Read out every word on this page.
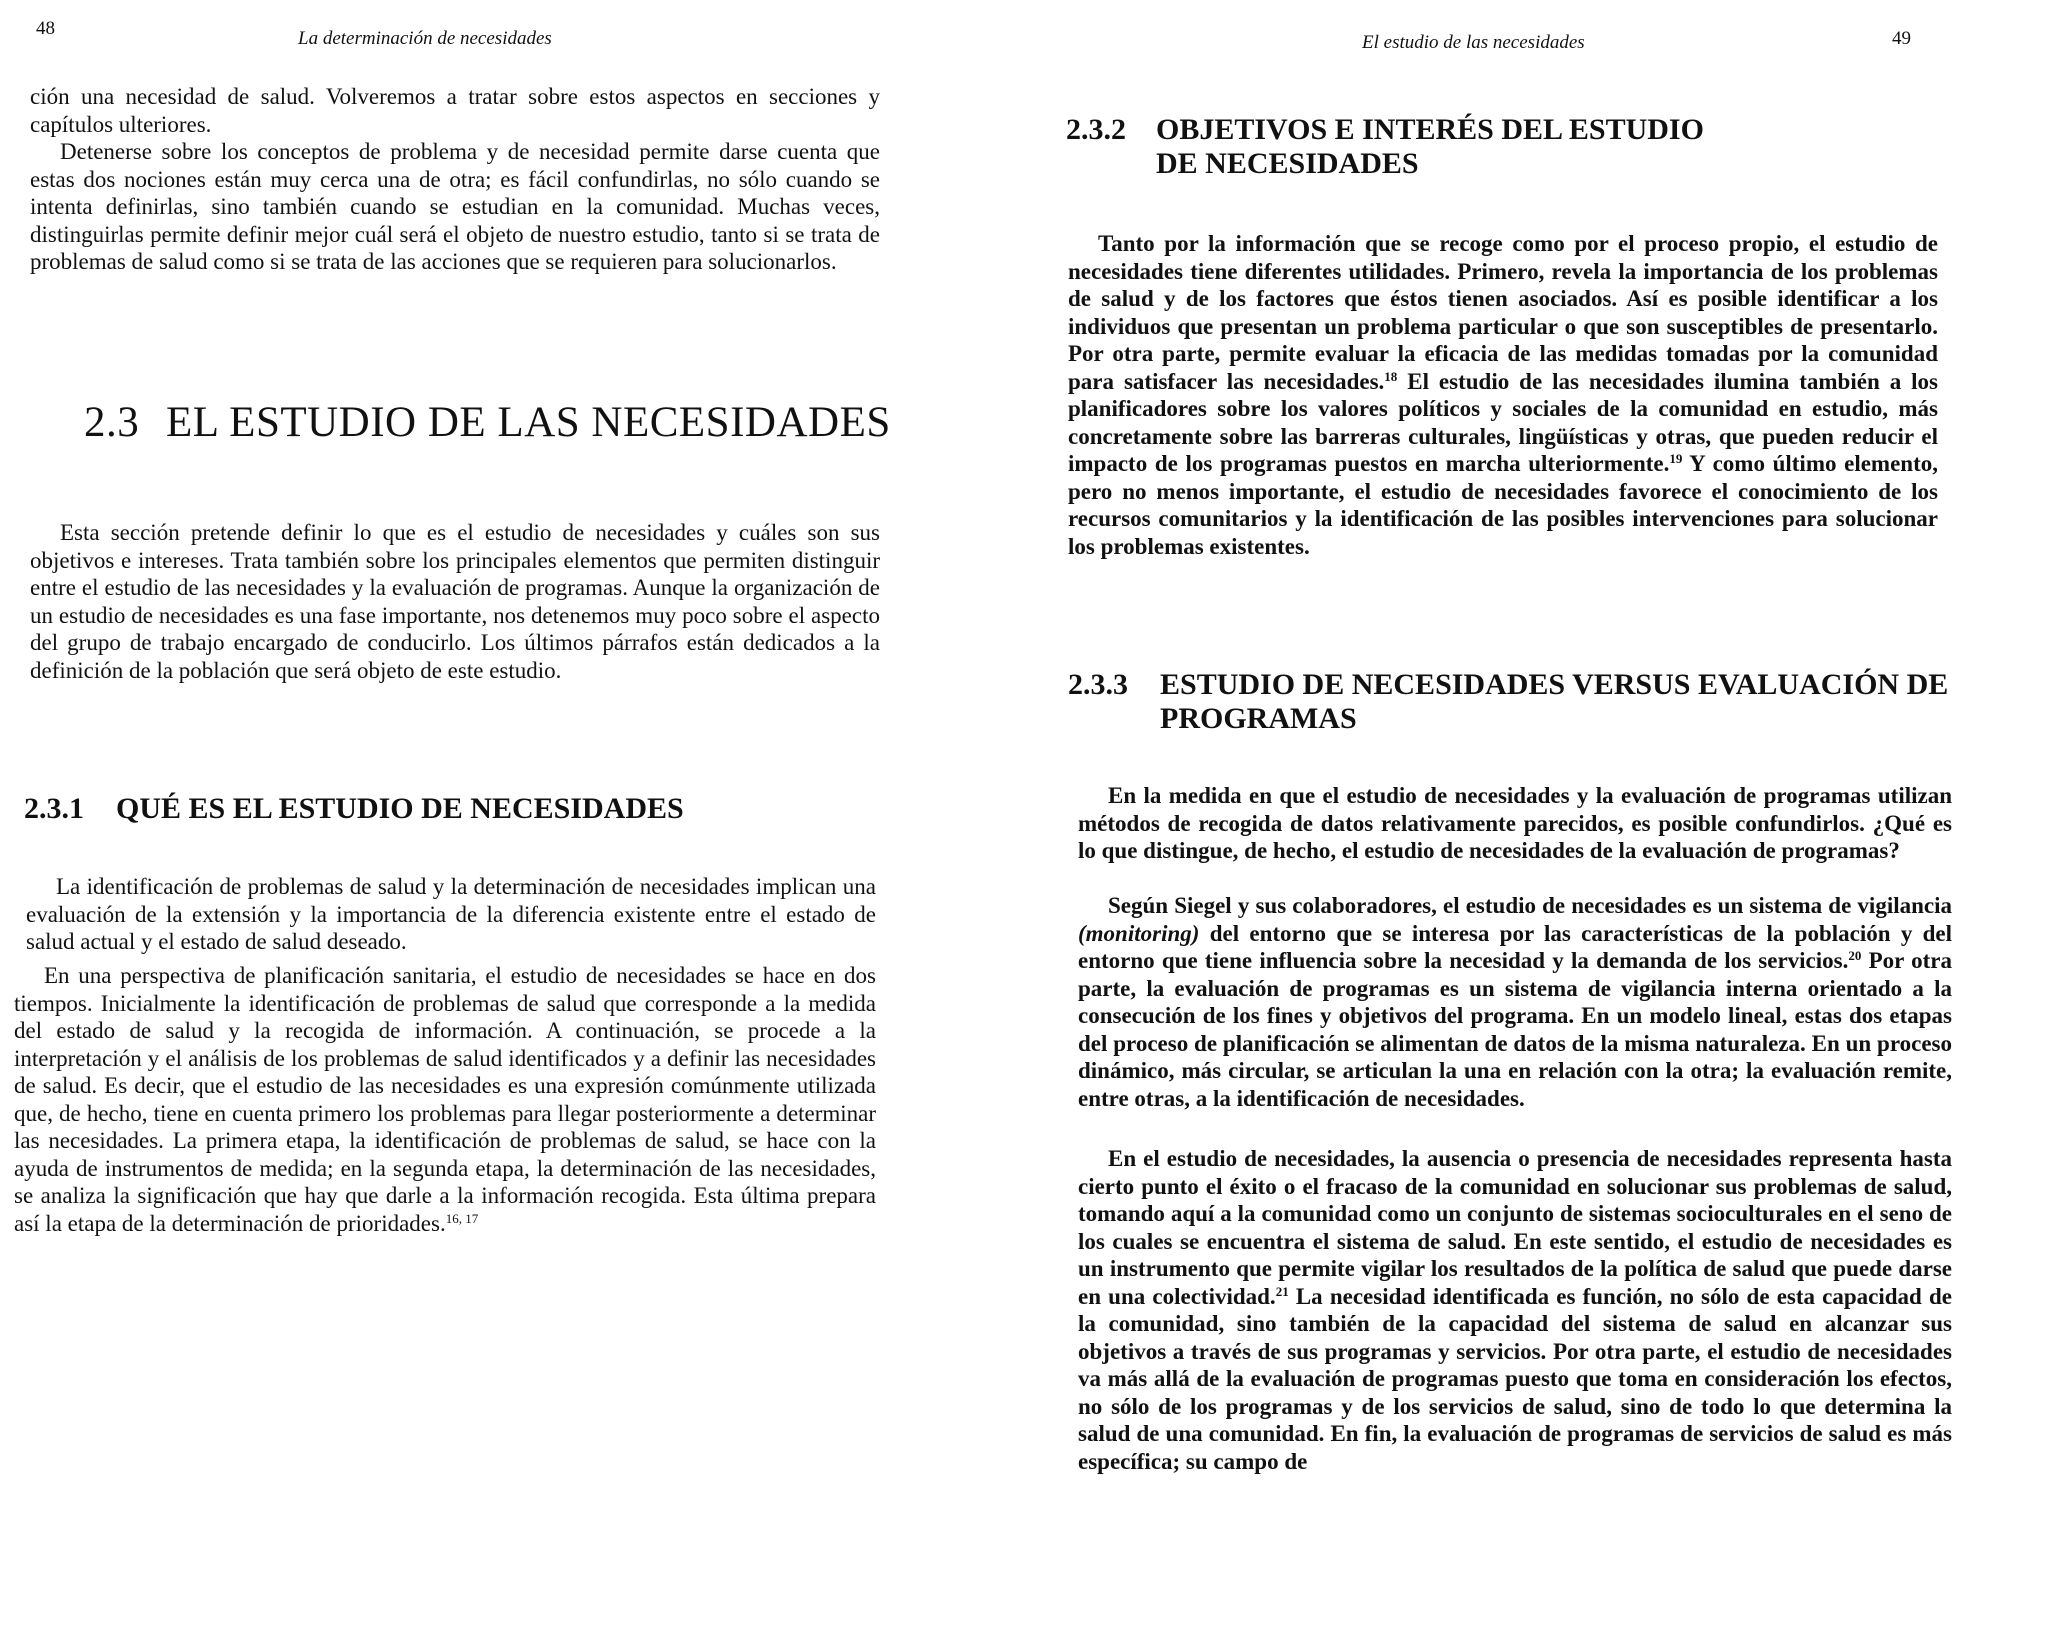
48	La determinación de necesidades

ción una necesidad de salud. Volveremos a tratar sobre estos aspectos en secciones y capítulos ulteriores.

Detenerse sobre los conceptos de problema y de necesidad permite darse cuenta que estas dos nociones están muy cerca una de otra; es fácil confundirlas, no sólo cuando se intenta definirlas, sino también cuando se estudian en la comunidad. Muchas veces, distinguirlas permite definir mejor cuál será el objeto de nuestro estudio, tanto si se trata de problemas de salud como si se trata de las acciones que se requieren para solucionarlos.

2.3 EL ESTUDIO DE LAS NECESIDADES

Esta sección pretende definir lo que es el estudio de necesidades y cuáles son sus objetivos e intereses. Trata también sobre los principales elementos que permiten distinguir entre el estudio de las necesidades y la evaluación de programas. Aunque la organización de un estudio de necesidades es una fase importante, nos detenemos muy poco sobre el aspecto del grupo de trabajo encargado de conducirlo. Los últimos párrafos están dedicados a la definición de la población que será objeto de este estudio.

2.3.1 QUÉ ES EL ESTUDIO DE NECESIDADES

La identificación de problemas de salud y la determinación de necesidades implican una evaluación de la extensión y la importancia de la diferencia existente entre el estado de salud actual y el estado de salud deseado.

En una perspectiva de planificación sanitaria, el estudio de necesidades se hace en dos tiempos. Inicialmente la identificación de problemas de salud que corresponde a la medida del estado de salud y la recogida de información. A continuación, se procede a la interpretación y el análisis de los problemas de salud identificados y a definir las necesidades de salud. Es decir, que el estudio de las necesidades es una expresión comúnmente utilizada que, de hecho, tiene en cuenta primero los problemas para llegar posteriormente a determinar las necesidades. La primera etapa, la identificación de problemas de salud, se hace con la ayuda de instrumentos de medida; en la segunda etapa, la determinación de las necesidades, se analiza la significación que hay que darle a la información recogida. Esta última prepara así la etapa de la determinación de prioridades.$^{16, 17}$

El estudio de las necesidades	49
2.3.2 OBJETIVOS E INTERÉS DEL ESTUDIO DE NECESIDADES

Tanto por la información que se recoge como por el proceso propio, el estudio de necesidades tiene diferentes utilidades. Primero, revela la importancia de los problemas de salud y de los factores que éstos tienen asociados. Así es posible identificar a los individuos que presentan un problema particular o que son susceptibles de presentarlo. Por otra parte, permite evaluar la eficacia de las medidas tomadas por la comunidad para satisfacer las necesidades.$^{18}$ El estudio de las necesidades ilumina también a los planificadores sobre los valores políticos y sociales de la comunidad en estudio, más concretamente sobre las barreras culturales, lingüísticas y otras, que pueden reducir el impacto de los programas puestos en marcha ulteriormente.$^{19}$ Y como último elemento, pero no menos importante, el estudio de necesidades favorece el conocimiento de los recursos comunitarios y la identificación de las posibles intervenciones para solucionar los problemas existentes.

2.3.3 ESTUDIO DE NECESIDADES VERSUS EVALUACIÓN DE PROGRAMAS

En la medida en que el estudio de necesidades y la evaluación de programas utilizan métodos de recogida de datos relativamente parecidos, es posible confundirlos. ¿Qué es lo que distingue, de hecho, el estudio de necesidades de la evaluación de programas?

Según Siegel y sus colaboradores, el estudio de necesidades es un sistema de vigilancia (monitoring) del entorno que se interesa por las características de la población y del entorno que tiene influencia sobre la necesidad y la demanda de los servicios.$^{20}$ Por otra parte, la evaluación de programas es un sistema de vigilancia interna orientado a la consecución de los fines y objetivos del programa. En un modelo lineal, estas dos etapas del proceso de planificación se alimentan de datos de la misma naturaleza. En un proceso dinámico, más circular, se articulan la una en relación con la otra; la evaluación remite, entre otras, a la identificación de necesidades.

En el estudio de necesidades, la ausencia o presencia de necesidades representa hasta cierto punto el éxito o el fracaso de la comunidad en solucionar sus problemas de salud, tomando aquí a la comunidad como un conjunto de sistemas socioculturales en el seno de los cuales se encuentra el sistema de salud. En este sentido, el estudio de necesidades es un instrumento que permite vigilar los resultados de la política de salud que puede darse en una colectividad.$^{21}$ La necesidad identificada es función, no sólo de esta capacidad de la comunidad, sino también de la capacidad del sistema de salud en alcanzar sus objetivos a través de sus programas y servicios. Por otra parte, el estudio de necesidades va más allá de la evaluación de programas puesto que toma en consideración los efectos, no sólo de los programas y de los servicios de salud, sino de todo lo que determina la salud de una comunidad. En fin, la evaluación de programas de servicios de salud es más específica; su campo de
